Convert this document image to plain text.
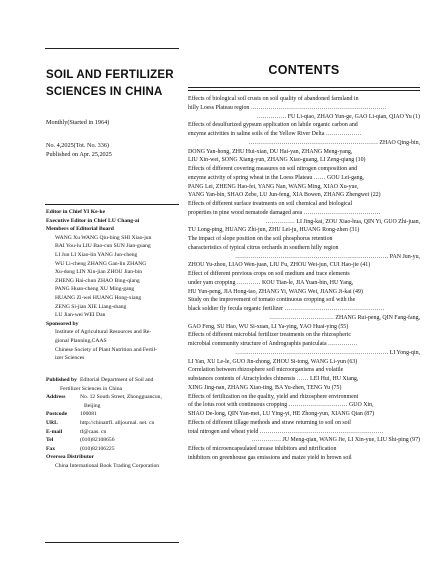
SOIL AND FERTILIZER
SCIENCES IN CHINA
Monthly(Started in 1964)
No. 4,2025(Tot. No. 336)
Published on Apr. 25,2025
Editor in Chief YI Ke-ke
Executive Editor in Chief LU Chang-ai
Members of Editorial Board
WANG Xu WANG Qiu-bing SHI Xiao-jun
BAI You-lu LIU Bao-cun SUN Jian-guang
LI Jun LI Xiao-lin YANG Jun-cheng
WU Li-cheng ZHANG Gan-lin ZHANG
Xu-dong LIN Xin-jian ZHOU Jian-bin
ZHENG Hai-chun ZHAO Bing-qiang
PANG Huan-cheng XU Ming-gang
HUANG Zi-wei HUANG Hong-xiang
ZENG Si-jian XIE Liang-shang
LU Jian-wei WEI Dan
Sponsored by
Institute of Agricultural Resources and Re-
gional Planning,CAAS
Chinese Society of Plant Nutrition and Fertil-
izer Sciences
Published by Editorial Department of Soil and
Fertilizer Sciences in China
Address	No. 12 South Street, Zhongguancun,
Beijing
Postcode	100081
URL	http://chinatrfl. alljournal. net. cn
E-mail	tf@caas. cn
Tel	(010)82108656
Fax	(010)82106225
Oversea Distributor
China International Book Trading Corporation
CONTENTS
Effects of biological soil crusts on soil quality of abandoned farmland in
hilly Loess Plateau region ……………………………………………………………
…………… FU Li-qiao, ZHAO Yun-ge, GAO Li-qian, QIAO Yu (1)
Effects of desulfurized gypsum application on labile organic carbon and
enzyme activities in saline soils of the Yellow River Delta ………………
………………………………………………………… ZHAO Qing-bin,
DONG Yan-hong, ZHU Hui-xian, DU Hai-yan, ZHANG Meng-yang,
LIU Xin-wei, SONG Xiang-yun, ZHANG Xiao-guang, LI Zeng-qiang (10)
Effects of different covering measures on soil nitrogen composition and
enzyme activity of spring wheat in the Loess Plateau …… GOU Lei-gang,
PANG Lei, ZHENG Hao-fei, YANG Nan, WANG Ming, XIAO Xu-yue,
YANG Yan-bin, SHAO Zebe, LU Jun-feng, XIA Bowen, ZHANG Zhengwei (22)
Effects of different surface treatments on soil chemical and biological
properties in pine wood nematode damaged area …………………………………
…………… LI Jing-kai, ZOU Xiao-hua, QIN Yi, GUO Zhi-juan,
TU Long-ping, HUANG Zhi-jun, ZHU Lei-ju, HUANG Rong-zhen (31)
The impact of slope position on the soil phosphorus retention
characteristics of typical citrus orchards in southern hilly region
…………………………………………………………………… PAN Jun-yu,
ZHOU Yu-zhou, LIAO Wen-juan, LIU Fu, ZHOU Wei-jun, CUI Hao-jie (41)
Effect of different previous crops on soil medium and trace elements
under yam cropping ………… KOU Tian-le, JIA Yuan-bin, HU Yang,
HU Yun-peng, JIA Hong-tao, ZHANG Yi, WANG Wei, JIANG Ji-kai (49)
Study on the improvement of tomato continuous cropping soil with the
black soldier fly fecula organic fertilizer ……………………………………………
…………………………… ZHANG Rui-peng, QIN Fang-fang,
GAO Feng, SU Hao, WU Si-xuan, LI Ya-ying, YAO Huai-ying (55)
Effects of different microbial fertilizer treatments on the rhizospheric
microbial community structure of Andrographis paniculata ……………
…………………………………………………………………… LI Yong-qin,
LI Yan, XU Le-le, GUO Jin-zhong, ZHOU Si-tong, WANG Li-yun (63)
Correlation between rhizosphere soil microorganisms and volatile
substances contents of Atractylodes chinensis …… LEI Hui, HU Xiang,
XING Jing-nan, ZHANG Xiao-ting, BA Yu-zhen, TENG Yu (75)
Effects of fertilization on the quality, yield and rhizosphere environment
of the lotus root with continuous cropping ………………………… GUO Xin,
SHAO De-long, QIN Yan-mei, LU Ying-yi, HE Zhong-yun, XIANG Qian (87)
Effects of different tillage methods and straw returning to soil on soil
total nitrogen and wheat yield ………………………………………………………
…………… JU Meng-qian, WANG Jie, LI Xin-yue, LIU Shi-ping (97)
Effects of microencapsulated urease inhibitors and nitrification
inhibitors on greenhouse gas emissions and maize yield in brown soil
